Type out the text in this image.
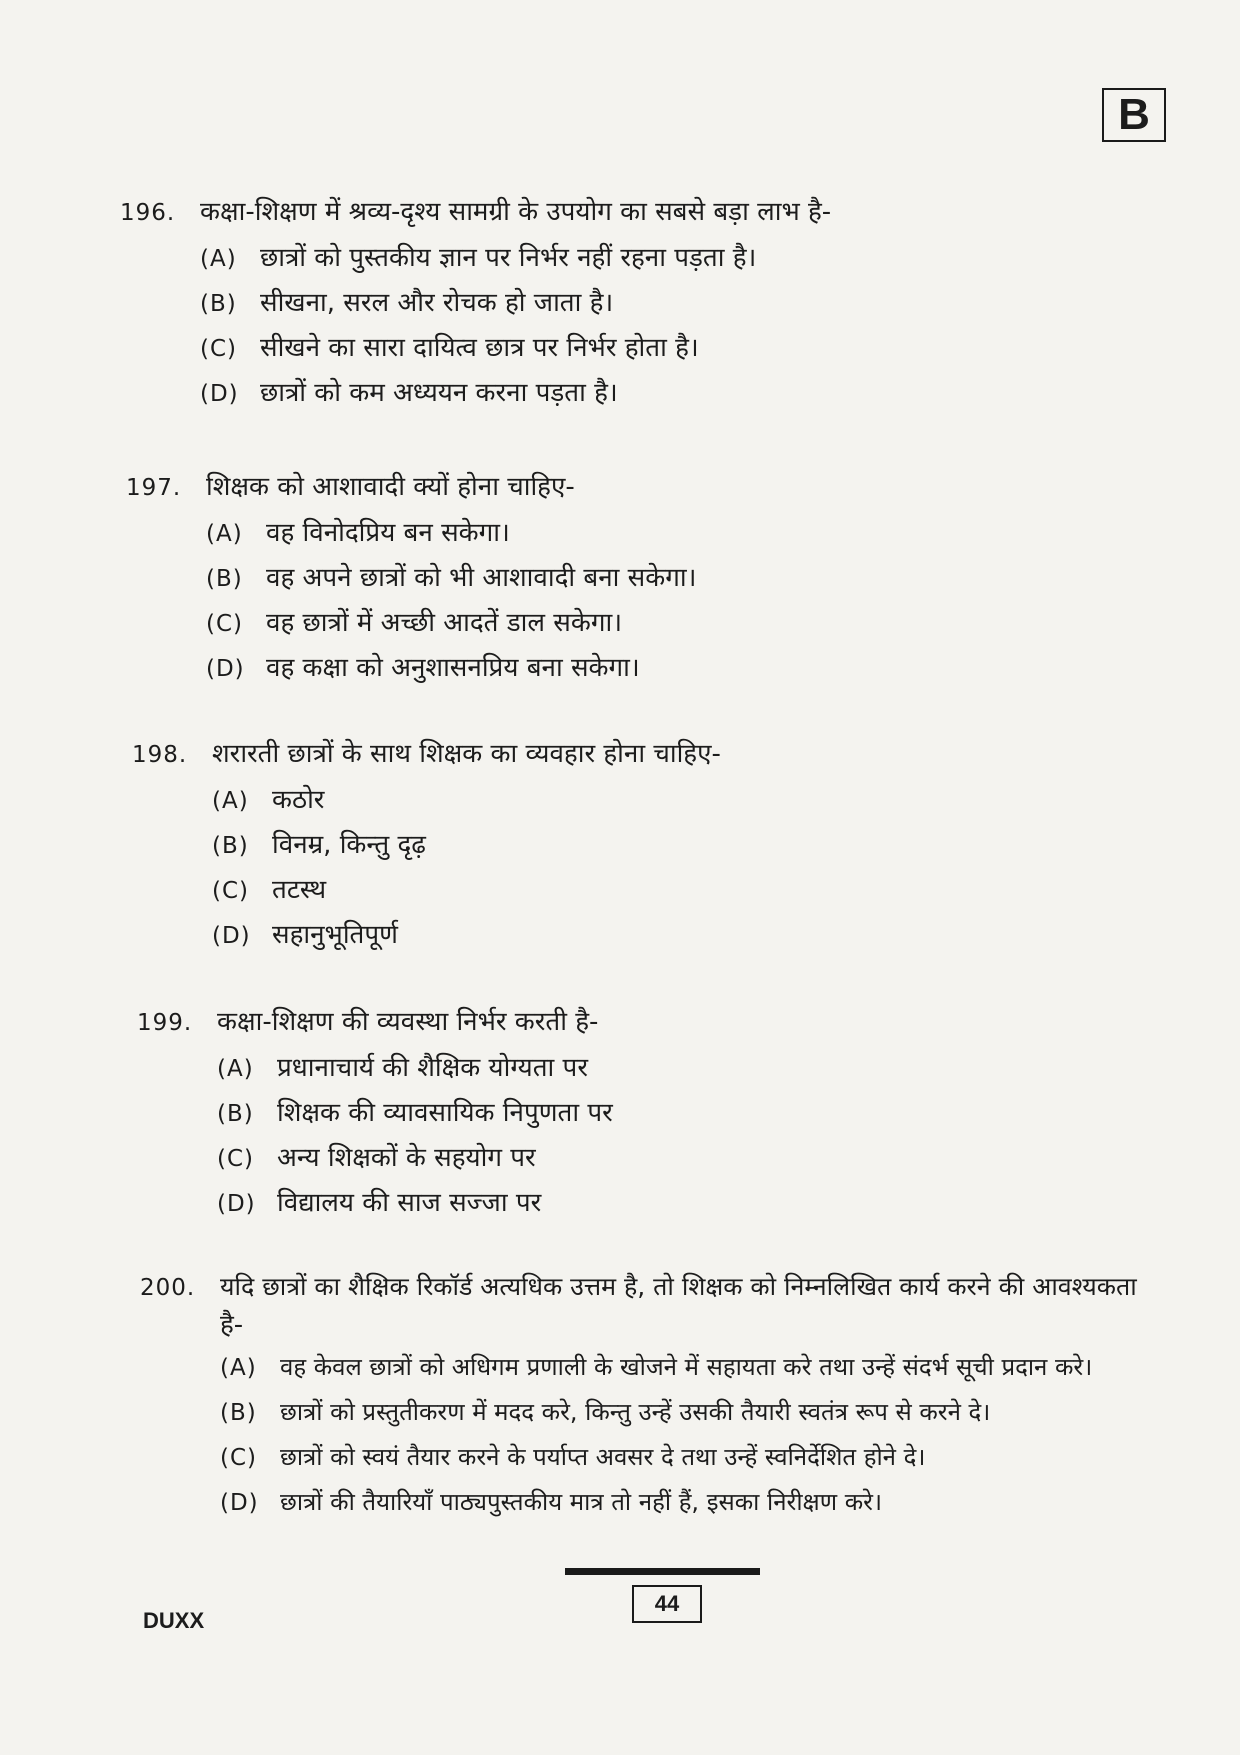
B
196. कक्षा-शिक्षण में श्रव्य-दृश्य सामग्री के उपयोग का सबसे बड़ा लाभ है-
(A) छात्रों को पुस्तकीय ज्ञान पर निर्भर नहीं रहना पड़ता है।
(B) सीखना, सरल और रोचक हो जाता है।
(C) सीखने का सारा दायित्व छात्र पर निर्भर होता है।
(D) छात्रों को कम अध्ययन करना पड़ता है।
197. शिक्षक को आशावादी क्यों होना चाहिए-
(A) वह विनोदप्रिय बन सकेगा।
(B) वह अपने छात्रों को भी आशावादी बना सकेगा।
(C) वह छात्रों में अच्छी आदतें डाल सकेगा।
(D) वह कक्षा को अनुशासनप्रिय बना सकेगा।
198. शरारती छात्रों के साथ शिक्षक का व्यवहार होना चाहिए-
(A) कठोर
(B) विनम्र, किन्तु दृढ़
(C) तटस्थ
(D) सहानुभूतिपूर्ण
199. कक्षा-शिक्षण की व्यवस्था निर्भर करती है-
(A) प्रधानाचार्य की शैक्षिक योग्यता पर
(B) शिक्षक की व्यावसायिक निपुणता पर
(C) अन्य शिक्षकों के सहयोग पर
(D) विद्यालय की साज सज्जा पर
200. यदि छात्रों का शैक्षिक रिकॉर्ड अत्यधिक उत्तम है, तो शिक्षक को निम्नलिखित कार्य करने की आवश्यकता
है-
(A) वह केवल छात्रों को अधिगम प्रणाली के खोजने में सहायता करे तथा उन्हें संदर्भ सूची प्रदान करे।
(B) छात्रों को प्रस्तुतीकरण में मदद करे, किन्तु उन्हें उसकी तैयारी स्वतंत्र रूप से करने दे।
(C) छात्रों को स्वयं तैयार करने के पर्याप्त अवसर दे तथा उन्हें स्वनिर्देशित होने दे।
(D) छात्रों की तैयारियाँ पाठ्यपुस्तकीय मात्र तो नहीं हैं, इसका निरीक्षण करे।
44
DUXX
